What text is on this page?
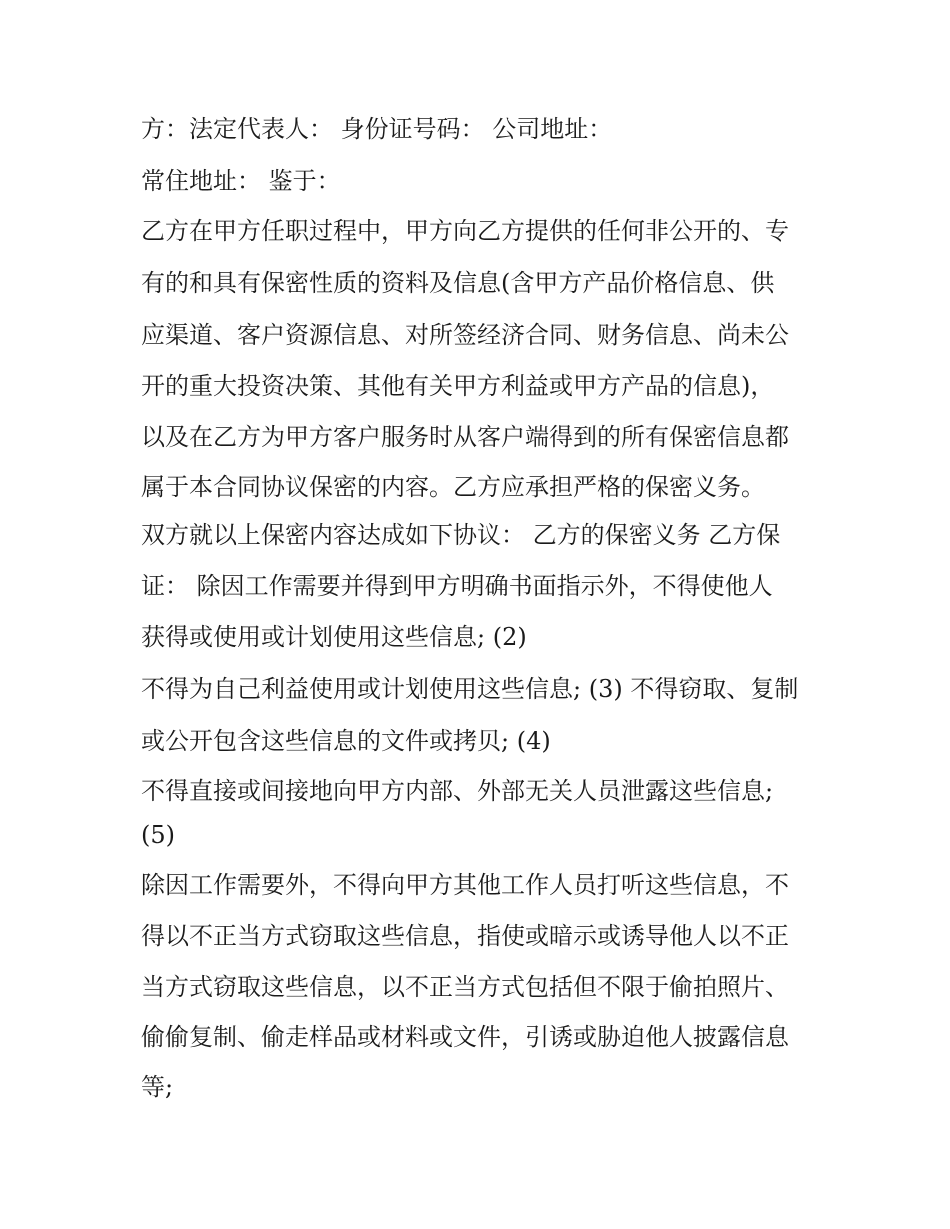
方：法定代表人： 身份证号码： 公司地址：
常住地址： 鉴于：
乙方在甲方任职过程中，甲方向乙方提供的任何非公开的、专
有的和具有保密性质的资料及信息(含甲方产品价格信息、供
应渠道、客户资源信息、对所签经济合同、财务信息、尚未公
开的重大投资决策、其他有关甲方利益或甲方产品的信息)，
以及在乙方为甲方客户服务时从客户端得到的所有保密信息都
属于本合同协议保密的内容。乙方应承担严格的保密义务。
双方就以上保密内容达成如下协议： 乙方的保密义务 乙方保
证： 除因工作需要并得到甲方明确书面指示外，不得使他人
获得或使用或计划使用这些信息; (2)
不得为自己利益使用或计划使用这些信息; (3) 不得窃取、复制
或公开包含这些信息的文件或拷贝; (4)
不得直接或间接地向甲方内部、外部无关人员泄露这些信息;
(5)
除因工作需要外，不得向甲方其他工作人员打听这些信息，不
得以不正当方式窃取这些信息，指使或暗示或诱导他人以不正
当方式窃取这些信息，以不正当方式包括但不限于偷拍照片、
偷偷复制、偷走样品或材料或文件，引诱或胁迫他人披露信息
等;
